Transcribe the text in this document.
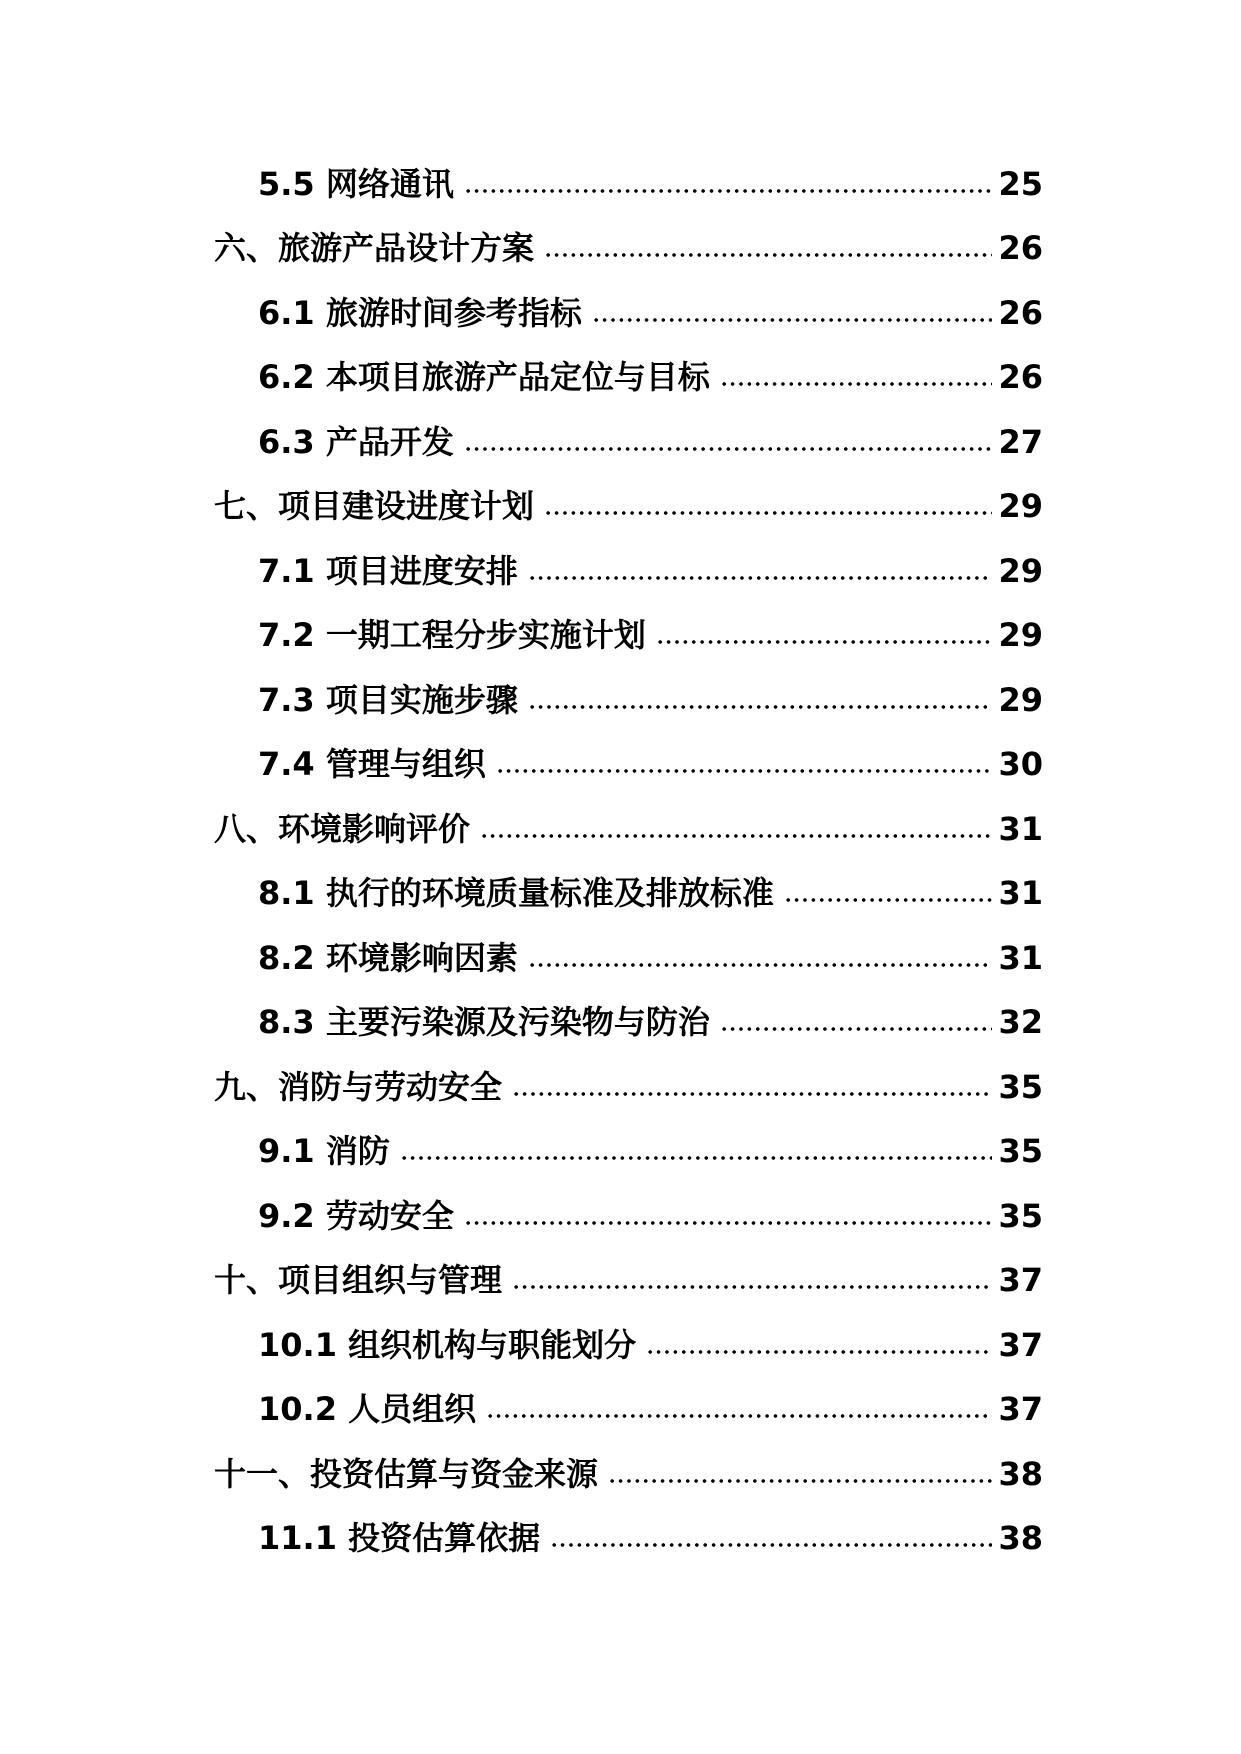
5.5 网络通讯	25
六、旅游产品设计方案	26
6.1 旅游时间参考指标	26
6.2 本项目旅游产品定位与目标	26
6.3 产品开发	27
七、项目建设进度计划	29
7.1 项目进度安排	29
7.2 一期工程分步实施计划	29
7.3 项目实施步骤	29
7.4 管理与组织	30
八、环境影响评价	31
8.1 执行的环境质量标准及排放标准	31
8.2 环境影响因素	31
8.3 主要污染源及污染物与防治	32
九、消防与劳动安全	35
9.1 消防	35
9.2 劳动安全	35
十、项目组织与管理	37
10.1 组织机构与职能划分	37
10.2 人员组织	37
十一、投资估算与资金来源	38
11.1 投资估算依据	38
